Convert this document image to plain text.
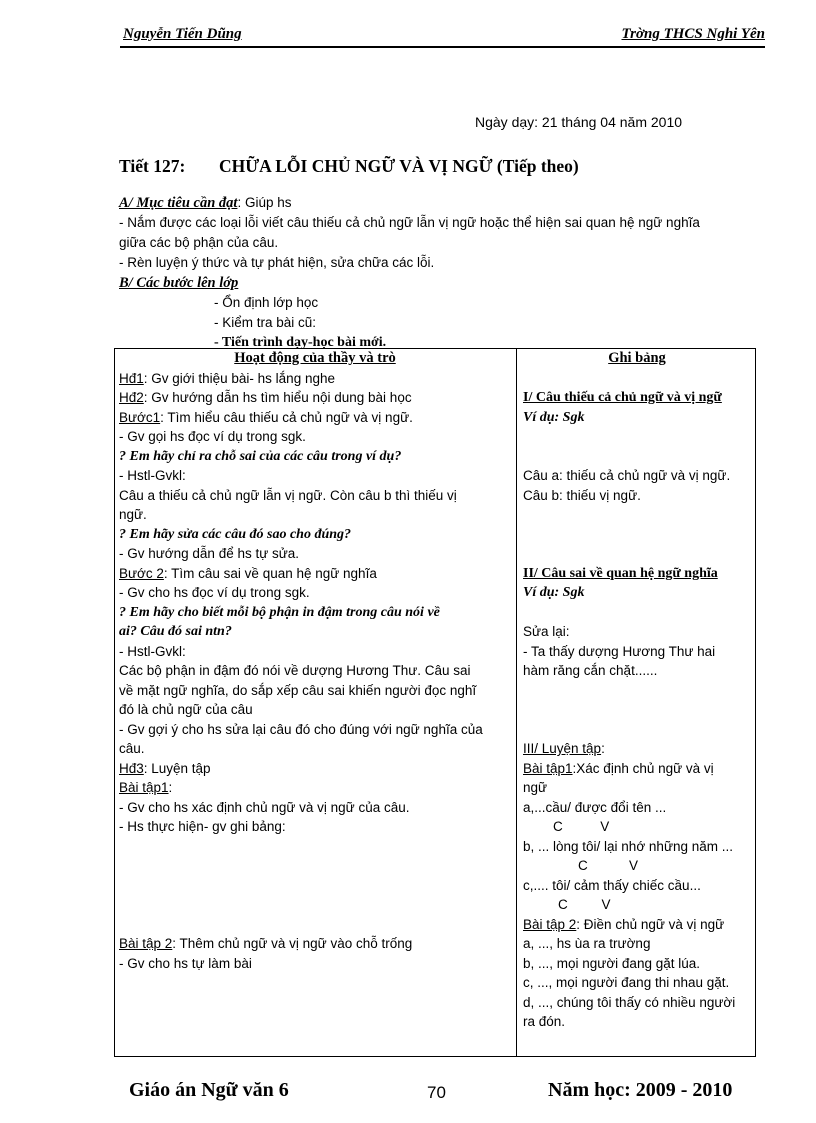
Nguyễn Tiến Dũng	Trờng THCS Nghi Yên
Ngày dạy: 21 tháng 04 năm 2010
Tiết 127: CHỮA LỖI CHỦ NGỮ VÀ VỊ NGỮ (Tiếp theo)
A/ Mục tiêu cần đạt: Giúp hs
- Nắm được các loại lỗi viết câu thiếu cả chủ ngữ lẫn vị ngữ hoặc thể hiện sai quan hệ ngữ nghĩa
giữa các bộ phận của câu.
- Rèn luyện ý thức và tự phát hiện, sửa chữa các lỗi.
B/ Các bước lên lớp
- Ổn định lớp học
- Kiểm tra bài cũ:
- Tiến trình dạy-học bài mới.
Hoạt động của thầy và trò
Hđ1: Gv giới thiệu bài- hs lắng nghe
Hđ2: Gv hướng dẫn hs tìm hiểu nội dung bài học
Bước1: Tìm hiểu câu thiếu cả chủ ngữ và vị ngữ.
- Gv gọi hs đọc ví dụ trong sgk.
? Em hãy chỉ ra chỗ sai của các câu trong ví dụ?
- Hstl-Gvkl:
Câu a thiếu cả chủ ngữ lẫn vị ngữ. Còn câu b thì thiếu vị
ngữ.
? Em hãy sửa các câu đó sao cho đúng?
- Gv hướng dẫn để hs tự sửa.
Bước 2: Tìm câu sai về quan hệ ngữ nghĩa
- Gv cho hs đọc ví dụ trong sgk.
? Em hãy cho biết mỗi bộ phận in đậm trong câu nói về
ai? Câu đó sai ntn?
- Hstl-Gvkl:
Các bộ phận in đậm đó nói về dượng Hương Thư. Câu sai
về mặt ngữ nghĩa, do sắp xếp câu sai khiến người đọc nghĩ
đó là chủ ngữ của câu
- Gv gợi ý cho hs sửa lại câu đó cho đúng với ngữ nghĩa của
câu.
Hđ3: Luyện tập
Bài tập1:
- Gv cho hs xác định chủ ngữ và vị ngữ của câu.
- Hs thực hiện- gv ghi bảng:
Bài tập 2: Thêm chủ ngữ và vị ngữ vào chỗ trống
- Gv cho hs tự làm bài
Ghi bảng
I/ Câu thiếu cả chủ ngữ và vị ngữ
Ví dụ: Sgk
Câu a: thiếu cả chủ ngữ và vị ngữ.
Câu b: thiếu vị ngữ.
II/ Câu sai về quan hệ ngữ nghĩa
Ví dụ: Sgk
Sửa lại:
- Ta thấy dượng Hương Thư hai
hàm răng cắn chặt......
III/ Luyện tập:
Bài tập1:Xác định chủ ngữ và vị
ngữ
a,...cầu/ được đổi tên ...
C          V
b, ... lòng tôi/ lại nhớ những năm ...
C           V
c,.... tôi/ cảm thấy chiếc cầu...
C         V
Bài tập 2: Điền chủ ngữ và vị ngữ
a, ..., hs ùa ra trường
b, ..., mọi người đang gặt lúa.
c, ..., mọi người đang thi nhau gặt.
d, ..., chúng tôi thấy có nhiều người
ra đón.
Giáo án Ngữ văn 6	70	Năm học: 2009 - 2010
